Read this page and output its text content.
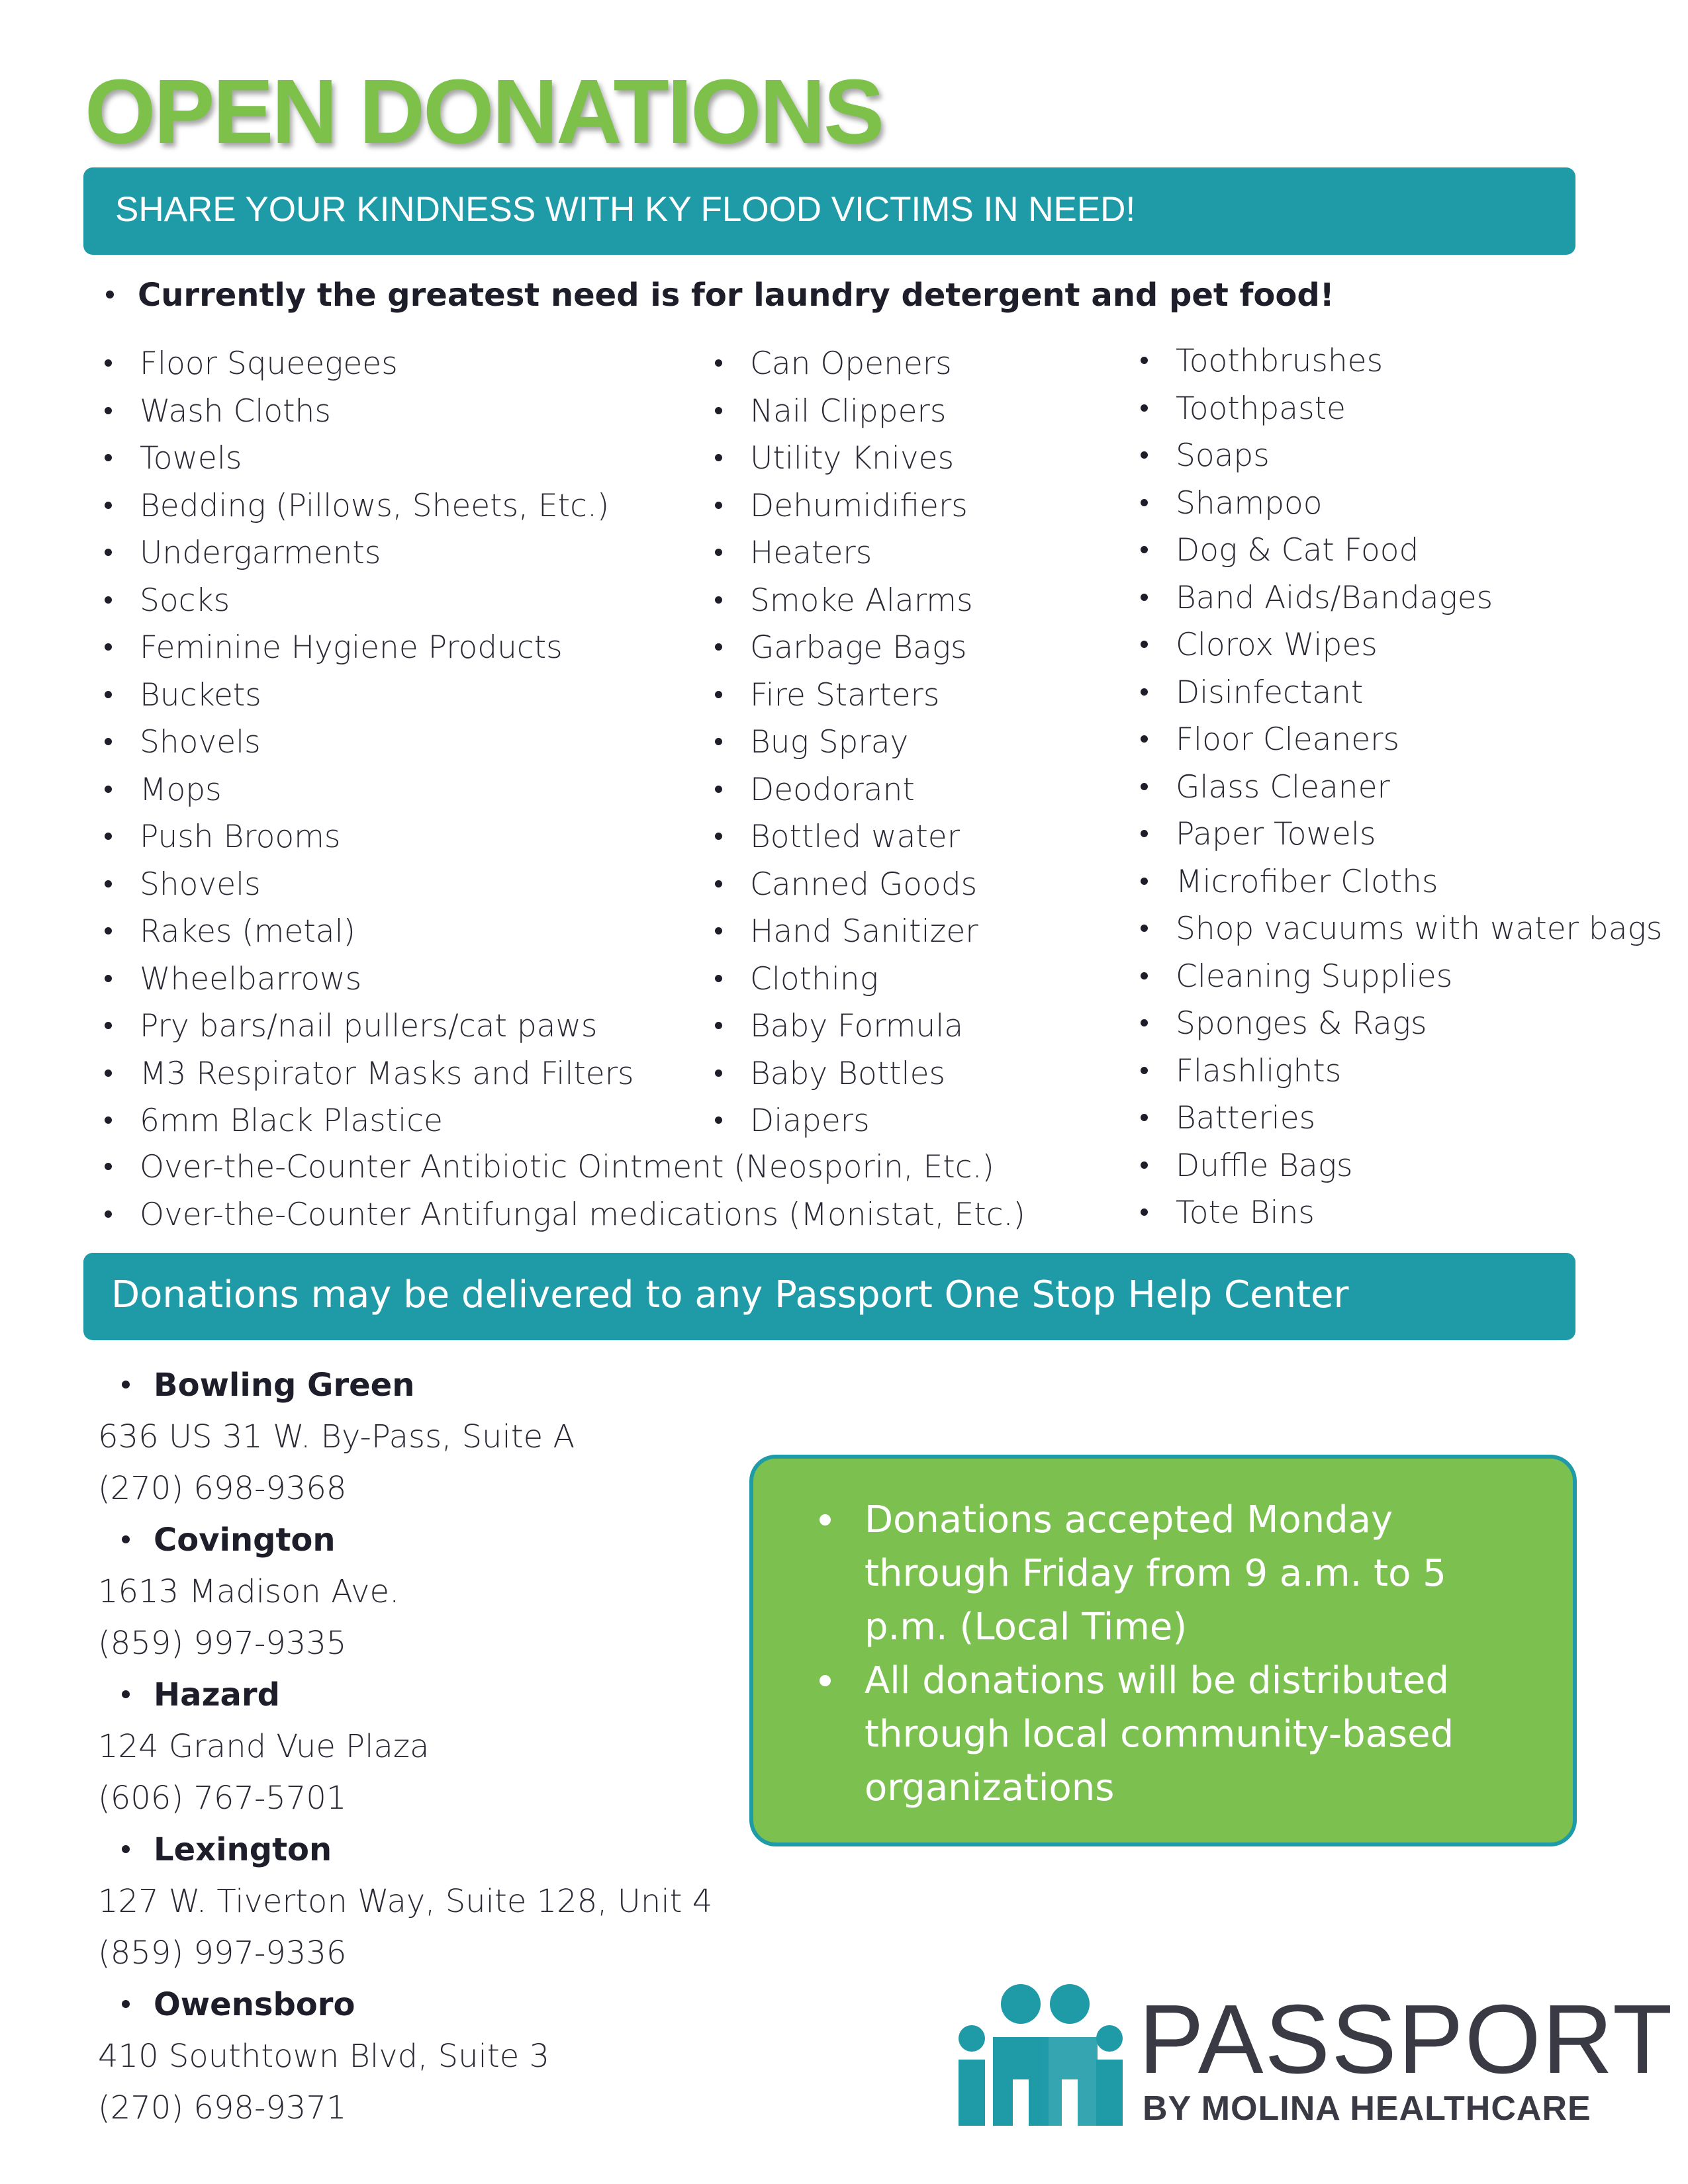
OPEN DONATIONS
SHARE YOUR KINDNESS WITH KY FLOOD VICTIMS IN NEED!
Currently the greatest need is for laundry detergent and pet food!
Floor Squeegees
Wash Cloths
Towels
Bedding (Pillows, Sheets, Etc.)
Undergarments
Socks
Feminine Hygiene Products
Buckets
Shovels
Mops
Push Brooms
Shovels
Rakes (metal)
Wheelbarrows
Pry bars/nail pullers/cat paws
M3 Respirator Masks and Filters
6mm Black Plastice
Can Openers
Nail Clippers
Utility Knives
Dehumidifiers
Heaters
Smoke Alarms
Garbage Bags
Fire Starters
Bug Spray
Deodorant
Bottled water
Canned Goods
Hand Sanitizer
Clothing
Baby Formula
Baby Bottles
Diapers
Toothbrushes
Toothpaste
Soaps
Shampoo
Dog & Cat Food
Band Aids/Bandages
Clorox Wipes
Disinfectant
Floor Cleaners
Glass Cleaner
Paper Towels
Microfiber Cloths
Shop vacuums with water bags
Cleaning Supplies
Sponges & Rags
Flashlights
Batteries
Duffle Bags
Tote Bins
Over-the-Counter Antibiotic Ointment (Neosporin, Etc.)
Over-the-Counter Antifungal medications (Monistat, Etc.)
Donations may be delivered to any Passport One Stop Help Center
Bowling Green
636 US 31 W. By-Pass, Suite A
(270) 698-9368
Covington
1613 Madison Ave.
(859) 997-9335
Hazard
124 Grand Vue Plaza
(606) 767-5701
Lexington
127 W. Tiverton Way, Suite 128, Unit 4
(859) 997-9336
Owensboro
410 Southtown Blvd, Suite 3
(270) 698-9371
Donations accepted Monday through Friday from 9 a.m. to 5 p.m. (Local Time)
All donations will be distributed through local community-based organizations
PASSPORT
BY MOLINA HEALTHCARE
